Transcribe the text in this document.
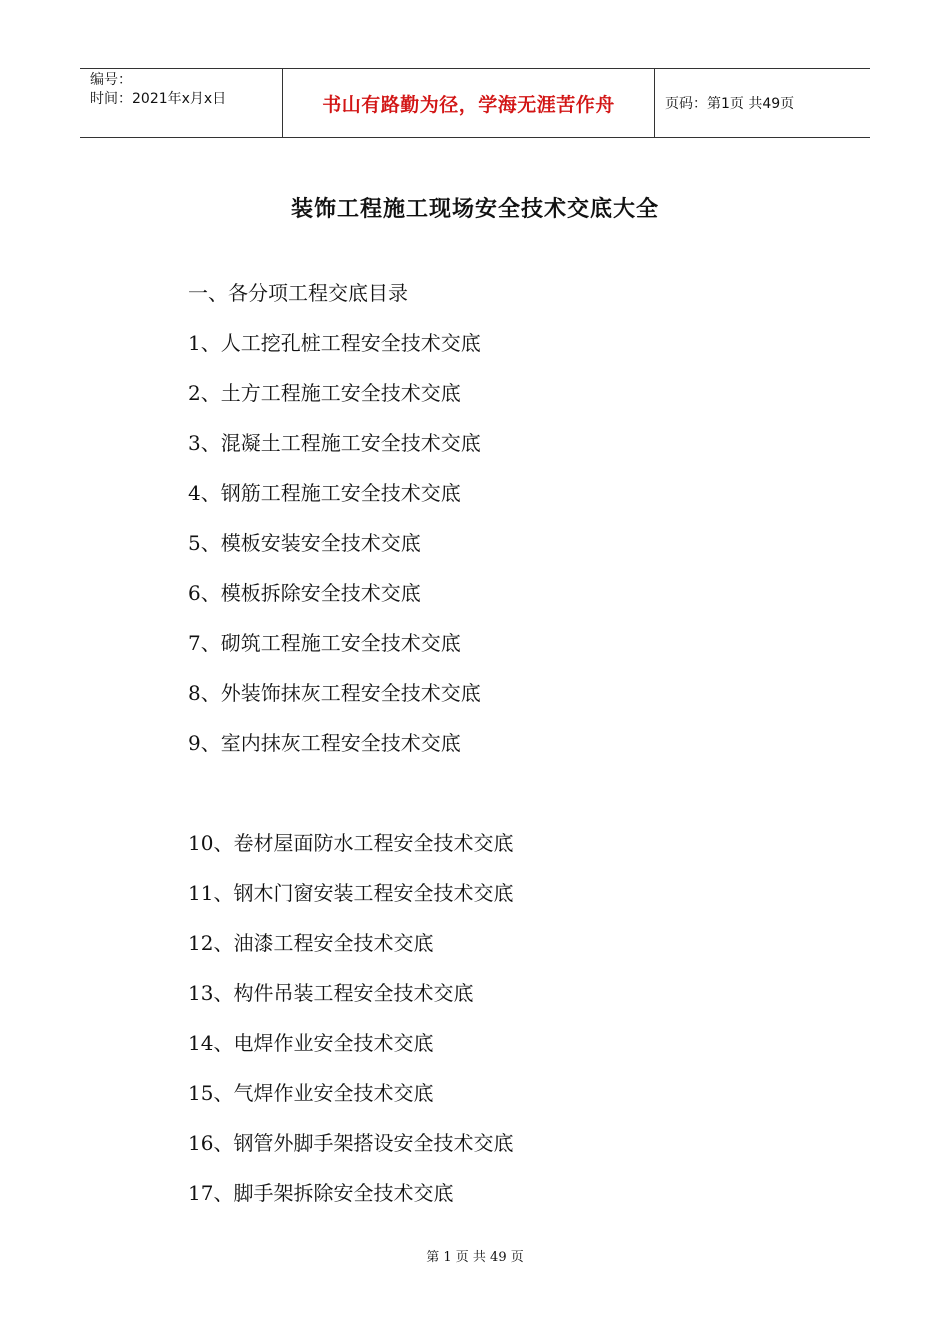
编号：
时间：2021年x月x日	书山有路勤为径，学海无涯苦作舟	页码：第1页 共49页
装饰工程施工现场安全技术交底大全
一、各分项工程交底目录
1、人工挖孔桩工程安全技术交底
2、土方工程施工安全技术交底
3、混凝土工程施工安全技术交底
4、钢筋工程施工安全技术交底
5、模板安装安全技术交底
6、模板拆除安全技术交底
7、砌筑工程施工安全技术交底
8、外装饰抹灰工程安全技术交底
9、室内抹灰工程安全技术交底
10、卷材屋面防水工程安全技术交底
11、钢木门窗安装工程安全技术交底
12、油漆工程安全技术交底
13、构件吊装工程安全技术交底
14、电焊作业安全技术交底
15、气焊作业安全技术交底
16、钢管外脚手架搭设安全技术交底
17、脚手架拆除安全技术交底
第 1 页 共 49 页
